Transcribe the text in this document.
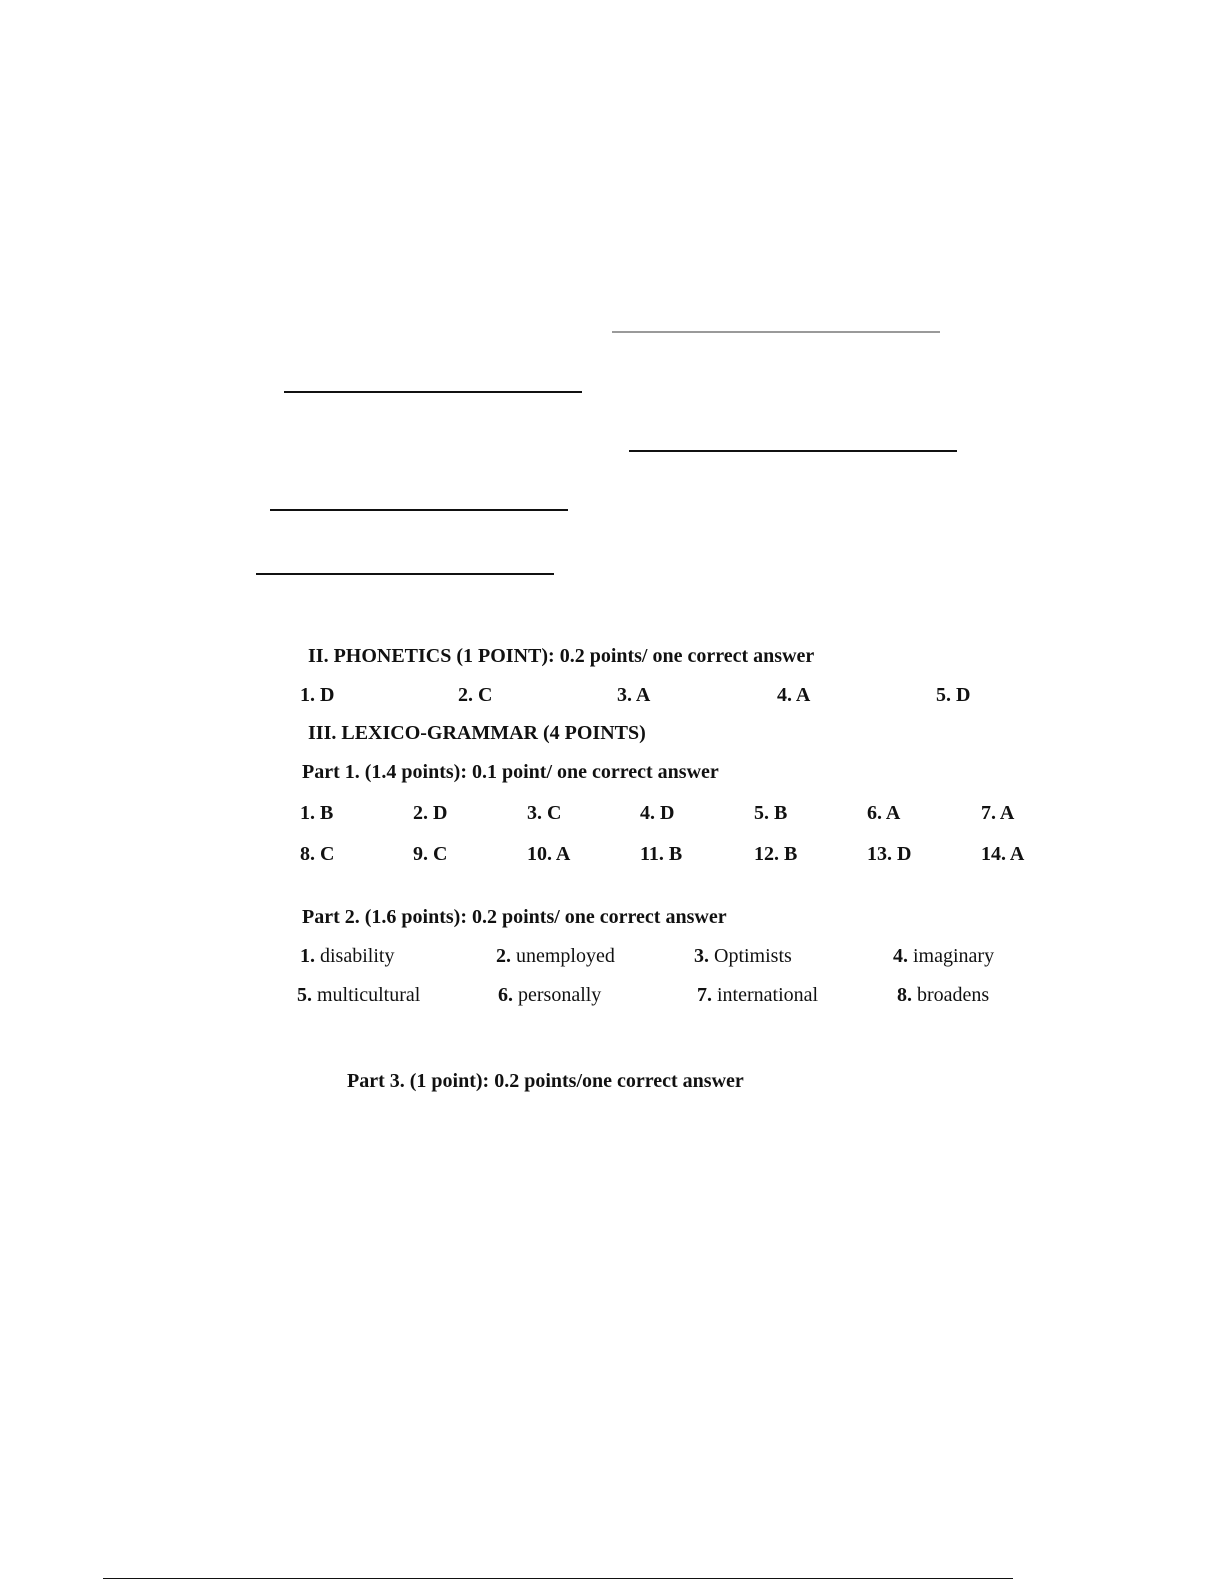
II. PHONETICS (1 POINT): 0.2 points/ one correct answer
1. D	2. C	3. A	4. A	5. D
III. LEXICO-GRAMMAR (4 POINTS)
Part 1. (1.4 points): 0.1 point/ one correct answer
1. B	2. D	3. C	4. D	5. B	6. A	7. A
8. C	9. C	10. A	11. B	12. B	13. D	14. A
Part 2. (1.6 points): 0.2 points/ one correct answer
1. disability	2. unemployed	3. Optimists	4. imaginary
5. multicultural	6. personally	7. international	8. broadens
Part 3. (1 point): 0.2 points/one correct answer
